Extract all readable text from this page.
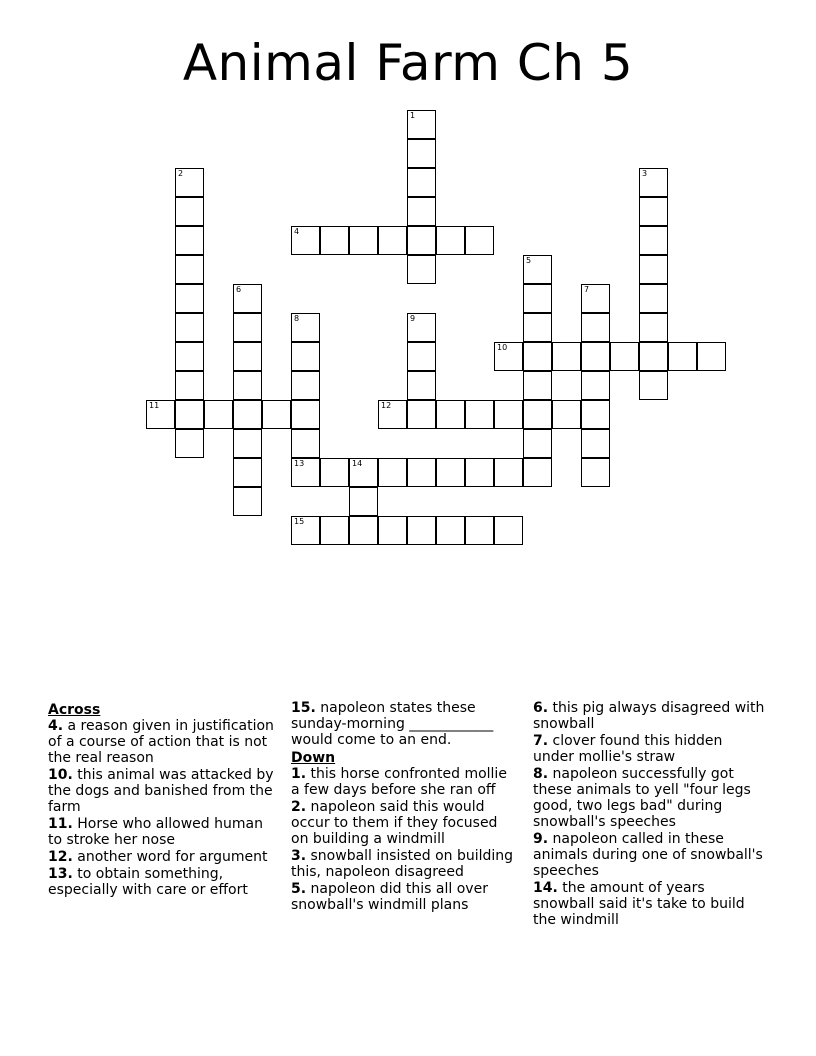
Animal Farm Ch 5
1
2	3
4
5
6	7
8	9
10
11	12
13	14
15
Across
4. a reason given in justification of a course of action that is not the real reason
10. this animal was attacked by the dogs and banished from the farm
11. Horse who allowed human to stroke her nose
12. another word for argument
13. to obtain something, especially with care or effort
15. napoleon states these sunday-morning ____________ would come to an end.
Down
1. this horse confronted mollie a few days before she ran off
2. napoleon said this would occur to them if they focused on building a windmill
3. snowball insisted on building this, napoleon disagreed
5. napoleon did this all over snowball's windmill plans
6. this pig always disagreed with snowball
7. clover found this hidden under mollie's straw
8. napoleon successfully got these animals to yell "four legs good, two legs bad" during snowball's speeches
9. napoleon called in these animals during one of snowball's speeches
14. the amount of years snowball said it's take to build the windmill
